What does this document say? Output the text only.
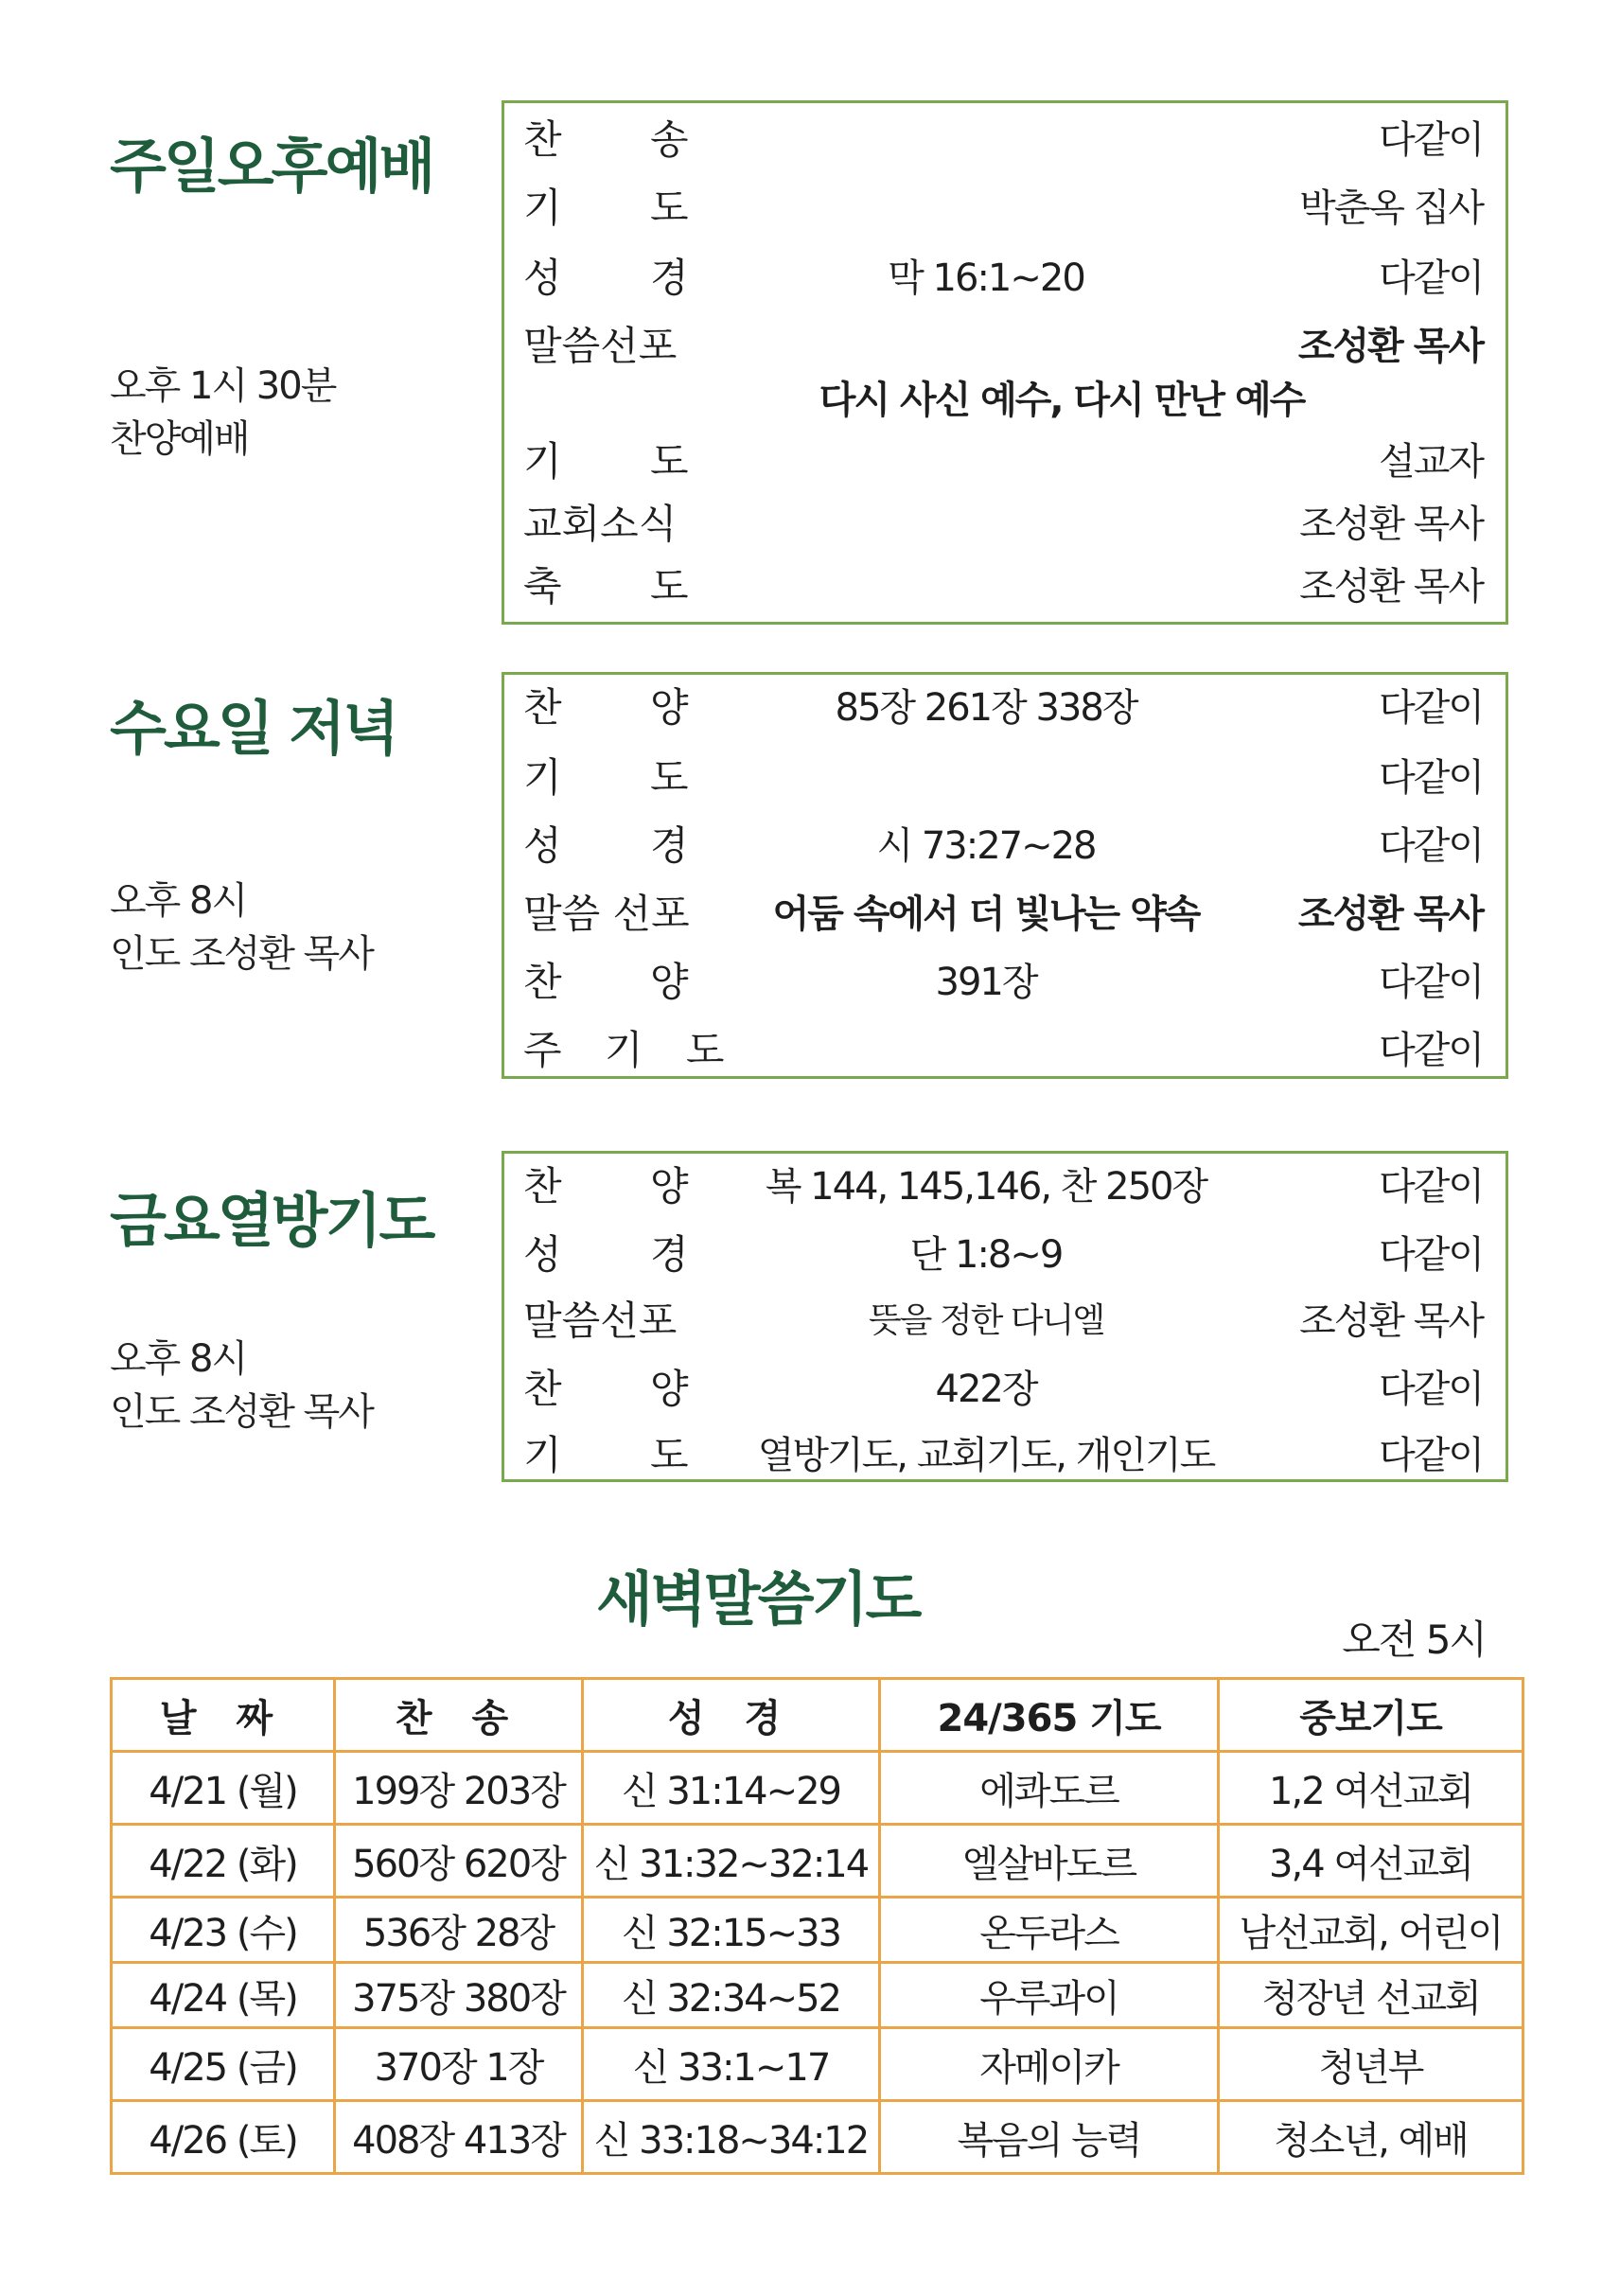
주일오후예배
오후 1시 30분
찬양예배
찬 송	다같이
기 도	박춘옥 집사
성 경	막 16:1~20	다같이
말씀선포	조성환 목사
다시 사신 예수, 다시 만난 예수
기 도	설교자
교회소식	조성환 목사
축 도	조성환 목사
수요일 저녁
오후 8시
인도 조성환 목사
찬 양	85장 261장 338장	다같이
기 도	다같이
성 경	시 73:27~28	다같이
말씀 선포	어둠 속에서 더 빛나는 약속	조성환 목사
찬 양	391장	다같이
주 기 도	다같이
금요열방기도
오후 8시
인도 조성환 목사
찬 양	복 144, 145,146, 찬 250장	다같이
성 경	단 1:8~9	다같이
말씀선포	뜻을 정한 다니엘	조성환 목사
찬 양	422장	다같이
기 도	열방기도, 교회기도, 개인기도	다같이
새벽말씀기도
오전 5시
날 짜	찬 송	성 경	24/365 기도	중보기도
4/21 (월)	199장 203장	신 31:14~29	에콰도르	1,2 여선교회
4/22 (화)	560장 620장	신 31:32~32:14	엘살바도르	3,4 여선교회
4/23 (수)	536장 28장	신 32:15~33	온두라스	남선교회, 어린이
4/24 (목)	375장 380장	신 32:34~52	우루과이	청장년 선교회
4/25 (금)	370장 1장	신 33:1~17	자메이카	청년부
4/26 (토)	408장 413장	신 33:18~34:12	복음의 능력	청소년, 예배
